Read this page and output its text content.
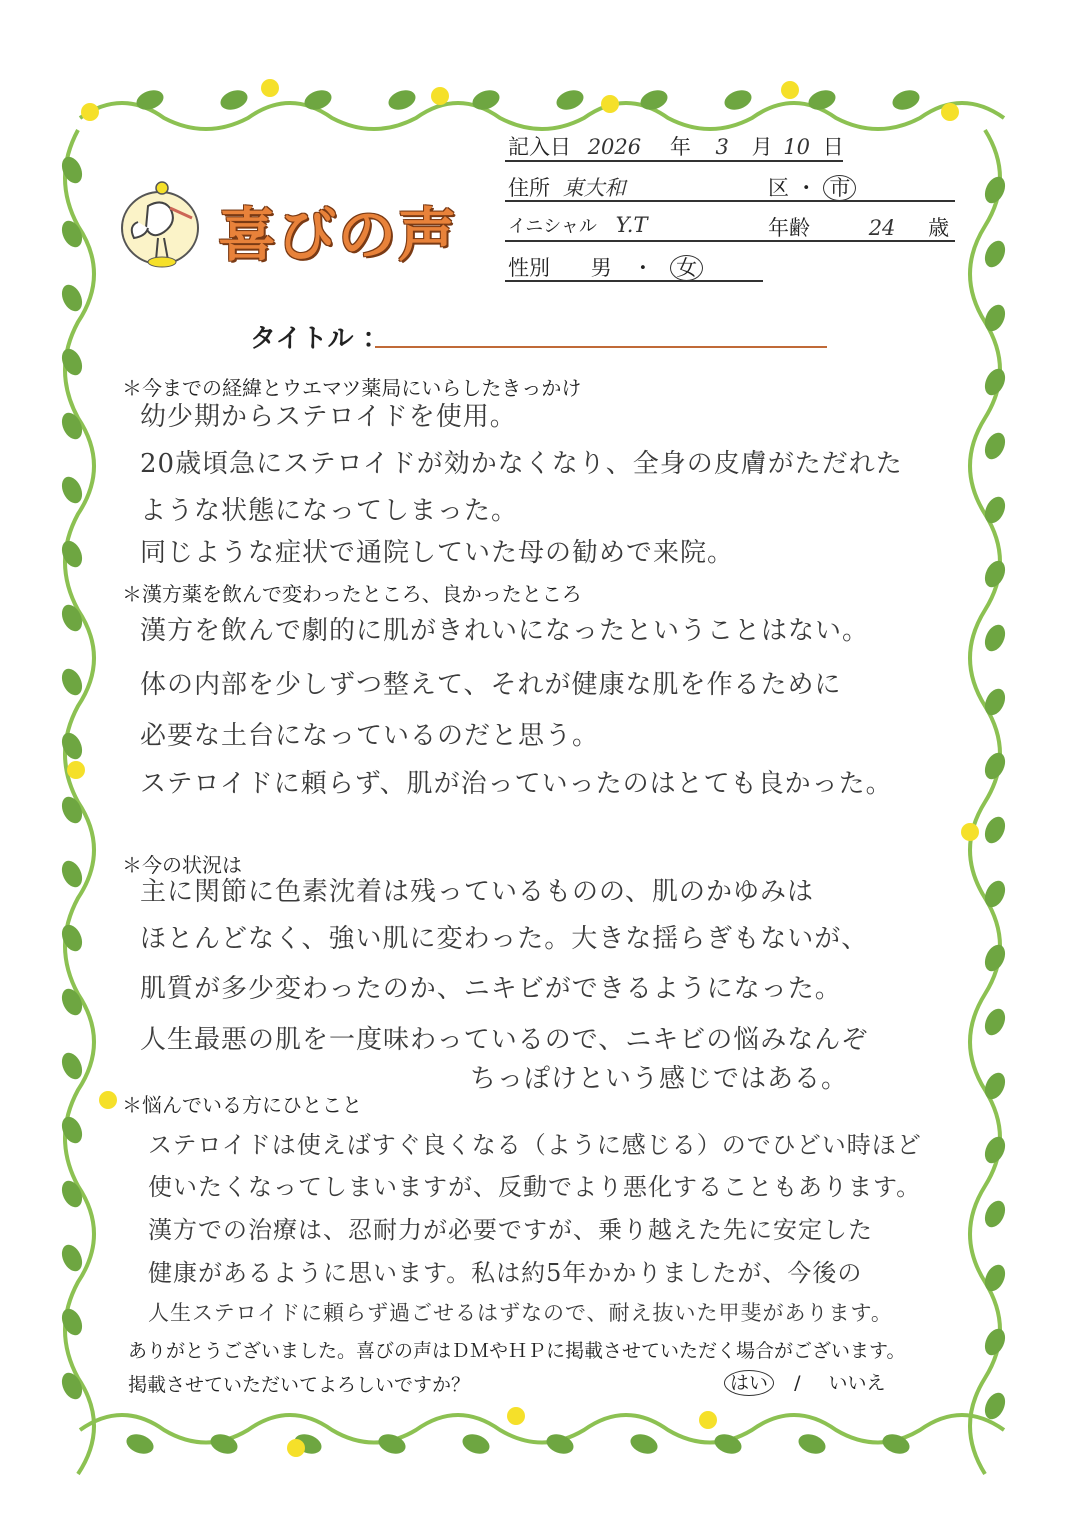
喜びの声
記入日 2026 年 3 月 10 日
住所 東大和	区 ・ 市
イニシャル Y.T	年齢	24 歳
性別 男 ・ 女
タイトル ：
＊今までの経緯とウエマツ薬局にいらしたきっかけ
幼少期からステロイドを使用。
20歳頃急にステロイドが効かなくなり、全身の皮膚がただれた
ような状態になってしまった。
同じような症状で通院していた母の勧めで来院。
＊漢方薬を飲んで変わったところ、良かったところ
漢方を飲んで劇的に肌がきれいになったということはない。
体の内部を少しずつ整えて、それが健康な肌を作るために
必要な土台になっているのだと思う。
ステロイドに頼らず、肌が治っていったのはとても良かった。
＊今の状況は
主に関節に色素沈着は残っているものの、肌のかゆみは
ほとんどなく、強い肌に変わった。大きな揺らぎもないが、
肌質が多少変わったのか、ニキビができるようになった。
人生最悪の肌を一度味わっているので、ニキビの悩みなんぞ
ちっぽけという感じではある。
＊悩んでいる方にひとこと
ステロイドは使えばすぐ良くなる（ように感じる）のでひどい時ほど
使いたくなってしまいますが、反動でより悪化することもあります。
漢方での治療は、忍耐力が必要ですが、乗り越えた先に安定した
健康があるように思います。私は約5年かかりましたが、今後の
人生ステロイドに頼らず過ごせるはずなので、耐え抜いた甲斐があります。
ありがとうございました。喜びの声はＤＭやＨＰに掲載させていただく場合がございます。
掲載させていただいてよろしいですか？	はい / いいえ
